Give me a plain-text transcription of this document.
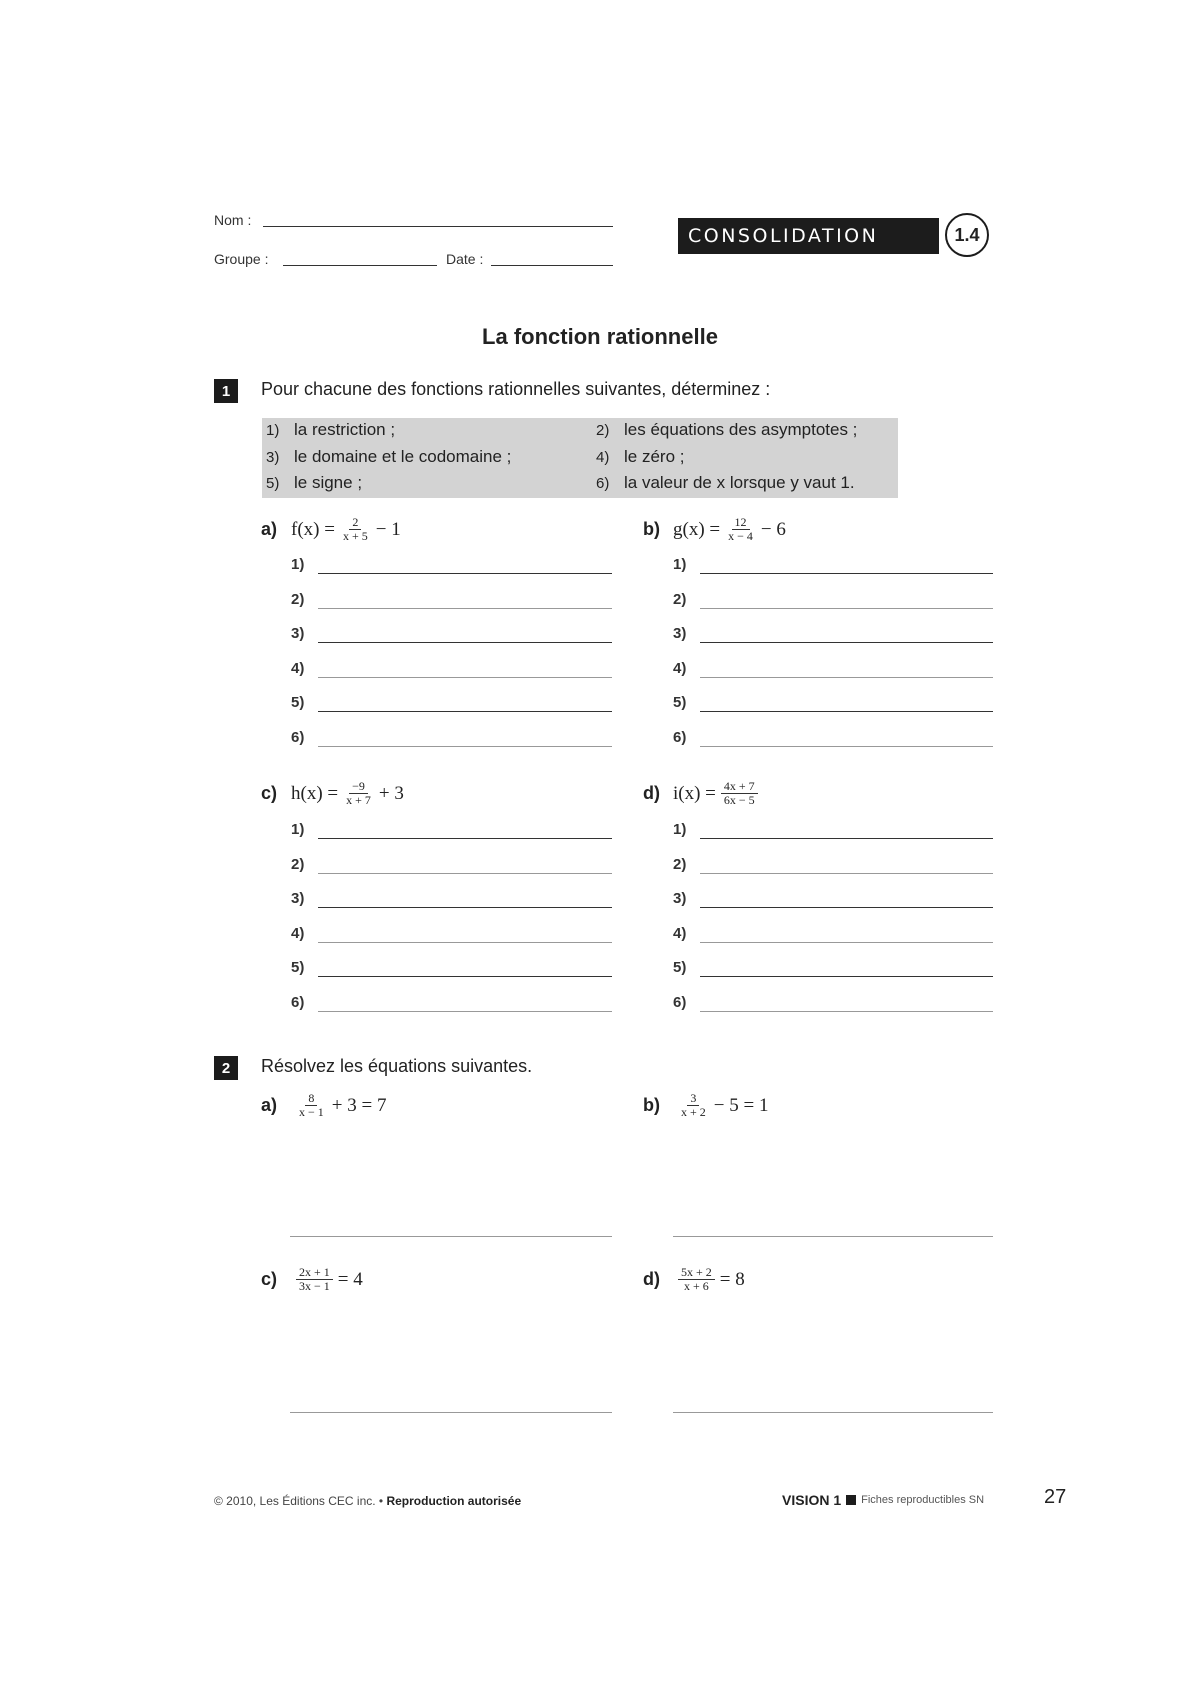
Nom :
Groupe :	Date :
CONSOLIDATION	1.4
La fonction rationnelle
1	Pour chacune des fonctions rationnelles suivantes, déterminez :
1) la restriction ;	2) les équations des asymptotes ;
3) le domaine et le codomaine ;	4) le zéro ;
5) le signe ;	6) la valeur de x lorsque y vaut 1.
a) $f(x) = \frac{2}{x + 5} - 1$	b) $g(x) = \frac{12}{x - 4} - 6$
c) $h(x) = \frac{-9}{x + 7} + 3$	d) $i(x) = \frac{4x + 7}{6x - 5}$
1)
2)
3)
4)
5)
6)
1)
2)
3)
4)
5)
6)
1)
2)
3)
4)
5)
6)
1)
2)
3)
4)
5)
6)
2	Résolvez les équations suivantes.
a)	$\frac{8}{x - 1} + 3 = 7$	b)	$\frac{3}{x + 2} - 5 = 1$
c)	$\frac{2x + 1}{3x - 1} = 4$	d)	$\frac{5x + 2}{x + 6} = 8$
© 2010, Les Éditions CEC inc. • Reproduction autorisée	VISION 1 Fiches reproductibles SN	27
